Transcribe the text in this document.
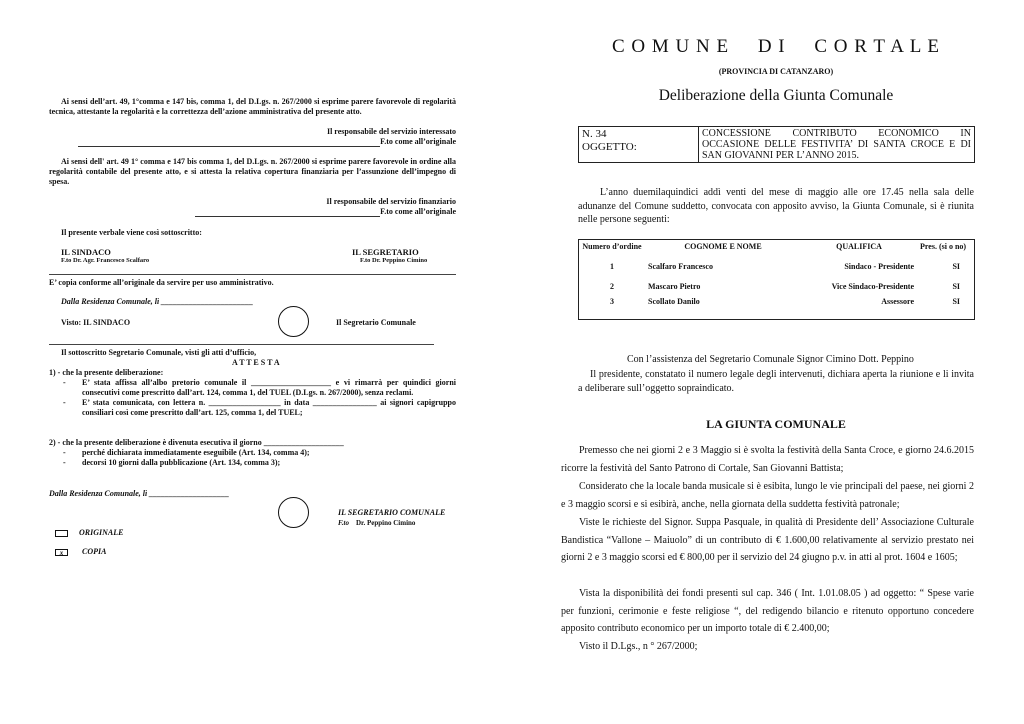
Ai sensi dell’art. 49, 1°comma e 147 bis, comma 1, del D.Lgs. n. 267/2000 si esprime parere favorevole di regolarità tecnica, attestante la regolarità e la correttezza dell’azione amministrativa del presente atto.
Il responsabile del servizio interessato
F.to come all’originale
Ai sensi dell' art. 49 1° comma e 147 bis comma 1, del D.Lgs. n. 267/2000 si esprime parere favorevole in ordine alla regolarità contabile del presente atto, e si attesta la relativa copertura finanziaria per l’assunzione dell’impegno di spesa.
Il responsabile del servizio finanziario
F.to come all’originale
Il presente verbale viene così sottoscritto:
IL SINDACO
F.to Dr. Agr. Francesco Scalfaro
IL SEGRETARIO
F.to Dr. Peppino Cimino
E’ copia conforme all’originale da servire per uso amministrativo.
Dalla Residenza Comunale, lì _______________________
Visto: IL SINDACO	Il Segretario Comunale
Il sottoscritto Segretario Comunale, visti gli atti d’ufficio,
A T T E S T A
1) - che la presente deliberazione:
-	E’ stata affissa all’albo pretorio comunale il ____________________ e vi rimarrà per quindici giorni consecutivi come prescritto dall’art. 124, comma 1, del TUEL (D.Lgs. n. 267/2000), senza reclami.
-	E’ stata comunicata, con lettera n. __________________ in data ________________ ai signori capigruppo consiliari così come prescritto dall’art. 125, comma 1, del TUEL;
2) - che la presente deliberazione è divenuta esecutiva il giorno ____________________
-	perché dichiarata immediatamente eseguibile (Art. 134, comma 4);
-	decorsi 10 giorni dalla pubblicazione (Art. 134, comma 3);
Dalla Residenza Comunale, lì ____________________
IL SEGRETARIO COMUNALE
F.to Dr. Peppino Cimino
ORIGINALE
x	COPIA
C O M U N E     D I     C O R T A L E
(PROVINCIA DI CATANZARO)
Deliberazione della Giunta Comunale
N. 34
OGGETTO:
	CONCESSIONE CONTRIBUTO ECONOMICO IN OCCASIONE DELLE FESTIVITA’ DI SANTA CROCE E DI SAN GIOVANNI PER L’ANNO 2015.
L’anno duemilaquindici addì venti del mese di maggio alle ore 17.45 nella sala delle adunanze del Comune suddetto, convocata con apposito avviso, la Giunta Comunale, si è riunita nelle persone seguenti:
Numero d’ordine	COGNOME E NOME	QUALIFICA	Pres. (si o no)
1	Scalfaro Francesco	Sindaco - Presidente	SI
2	Mascaro Pietro	Vice Sindaco-Presidente	SI
3	Scollato Danilo	Assessore	SI
Con l’assistenza del Segretario Comunale Signor Cimino Dott. Peppino
Il presidente, constatato il numero legale degli intervenuti, dichiara aperta la riunione e li invita a deliberare sull’oggetto sopraindicato.
LA GIUNTA COMUNALE
Premesso che nei giorni 2 e 3 Maggio si è svolta la festività della Santa Croce, e giorno 24.6.2015 ricorre la festività del Santo Patrono di Cortale, San Giovanni Battista;
Considerato che la locale banda musicale si è esibita, lungo le vie principali del paese, nei giorni 2 e 3 maggio scorsi e si esibirà, anche, nella giornata della suddetta festività patronale;
Viste le richieste del Signor. Suppa Pasquale, in qualità di Presidente dell’ Associazione Culturale Bandistica “Vallone – Maiuolo” di un contributo di € 1.600,00 relativamente al servizio prestato nei giorni 2 e 3 maggio scorsi ed € 800,00 per il servizio del 24 giugno p.v. in atti al prot. 1604 e 1605;
Vista la disponibilità dei fondi presenti sul cap. 346 ( Int. 1.01.08.05 ) ad oggetto: “ Spese varie per funzioni, cerimonie e feste religiose “, del redigendo bilancio e ritenuto opportuno concedere apposito contributo economico per un importo totale di € 2.400,00;
Visto il D.Lgs., n ° 267/2000;
